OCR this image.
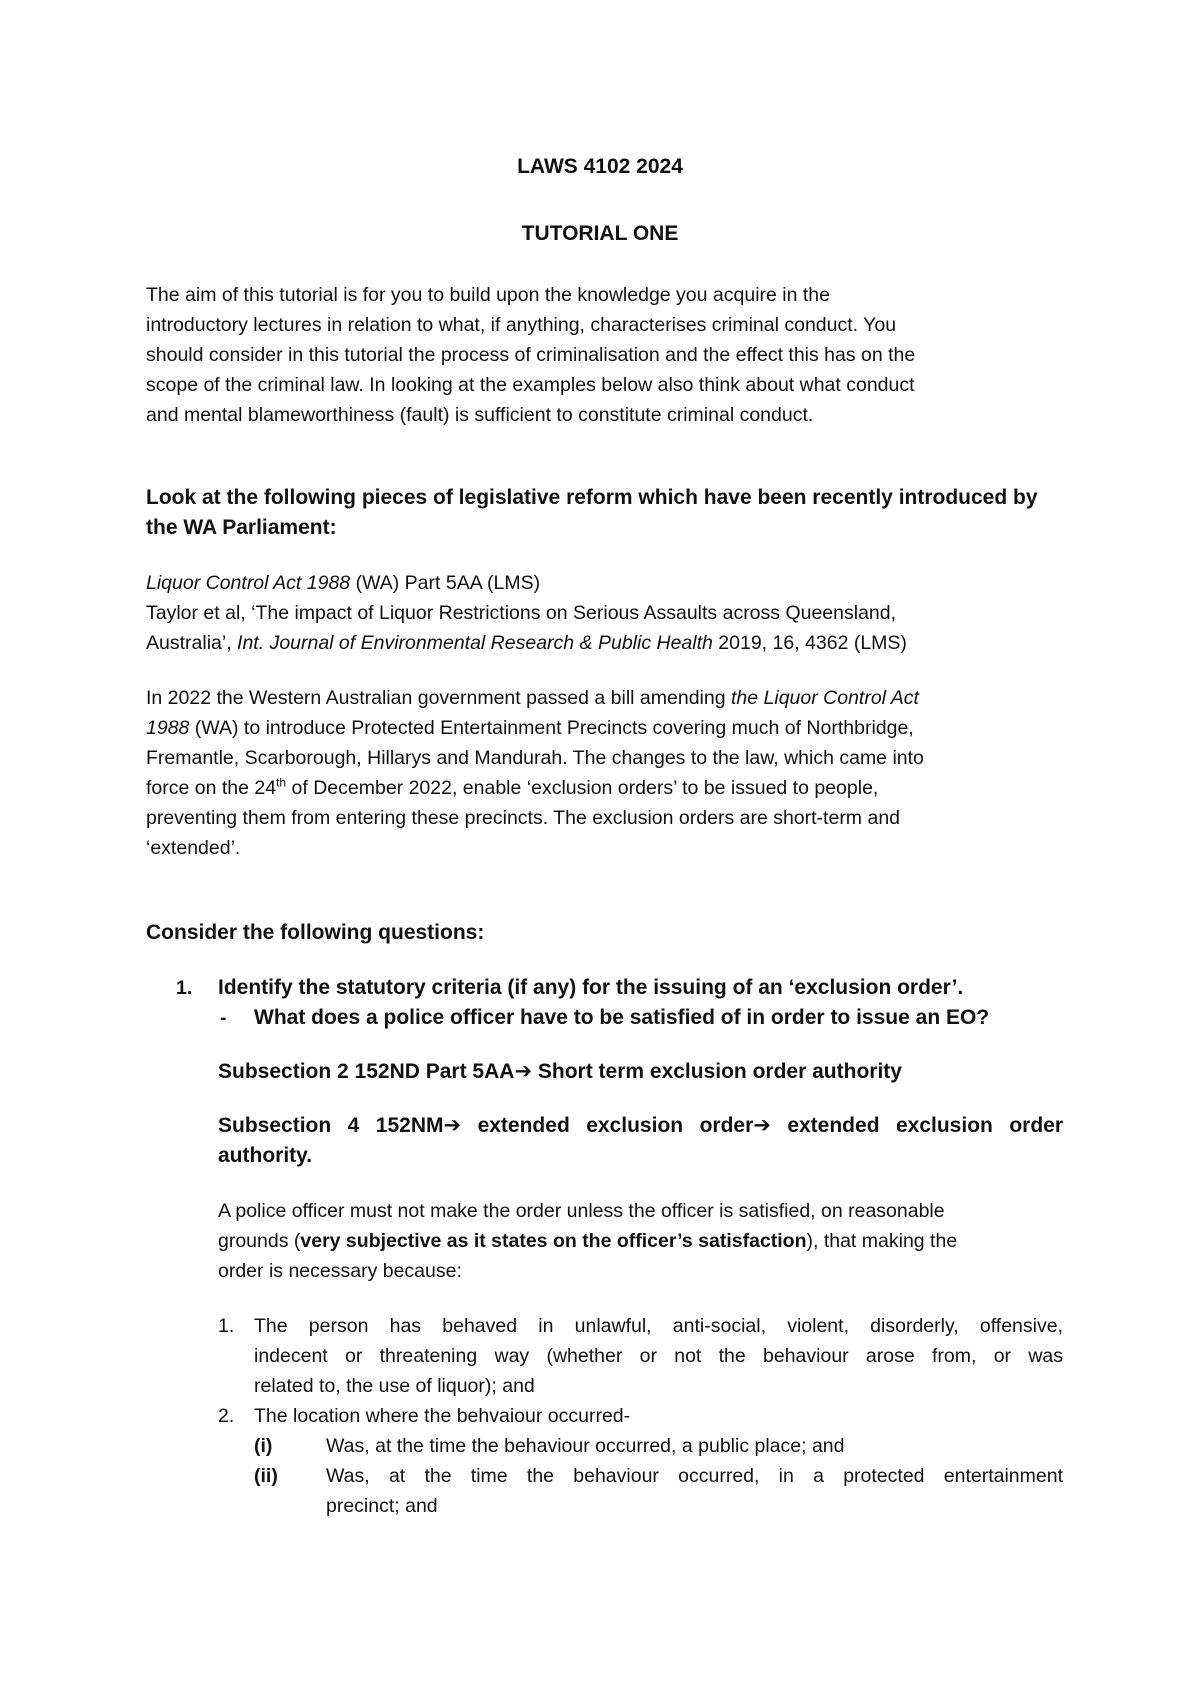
LAWS 4102 2024
TUTORIAL ONE
The aim of this tutorial is for you to build upon the knowledge you acquire in the
introductory lectures in relation to what, if anything, characterises criminal conduct. You
should consider in this tutorial the process of criminalisation and the effect this has on the
scope of the criminal law. In looking at the examples below also think about what conduct
and mental blameworthiness (fault) is sufficient to constitute criminal conduct.
Look at the following pieces of legislative reform which have been recently introduced by
the WA Parliament:
Liquor Control Act 1988 (WA) Part 5AA (LMS)
Taylor et al, ‘The impact of Liquor Restrictions on Serious Assaults across Queensland,
Australia’, Int. Journal of Environmental Research & Public Health 2019, 16, 4362 (LMS)
In 2022 the Western Australian government passed a bill amending the Liquor Control Act
1988 (WA) to introduce Protected Entertainment Precincts covering much of Northbridge,
Fremantle, Scarborough, Hillarys and Mandurah. The changes to the law, which came into
force on the 24th of December 2022, enable ‘exclusion orders’ to be issued to people,
preventing them from entering these precincts. The exclusion orders are short-term and
‘extended’.
Consider the following questions:
1. Identify the statutory criteria (if any) for the issuing of an ‘exclusion order’.
- What does a police officer have to be satisfied of in order to issue an EO?
Subsection 2 152ND Part 5AA➔ Short term exclusion order authority
Subsection 4 152NM➔ extended exclusion order➔ extended exclusion order
authority.
A police officer must not make the order unless the officer is satisfied, on reasonable
grounds (very subjective as it states on the officer’s satisfaction), that making the
order is necessary because:
1. The person has behaved in unlawful, anti-social, violent, disorderly, offensive,
indecent or threatening way (whether or not the behaviour arose from, or was
related to, the use of liquor); and
2. The location where the behvaiour occurred-
(i)	Was, at the time the behaviour occurred, a public place; and
(ii) Was, at the time the behaviour occurred, in a protected entertainment
precinct; and
